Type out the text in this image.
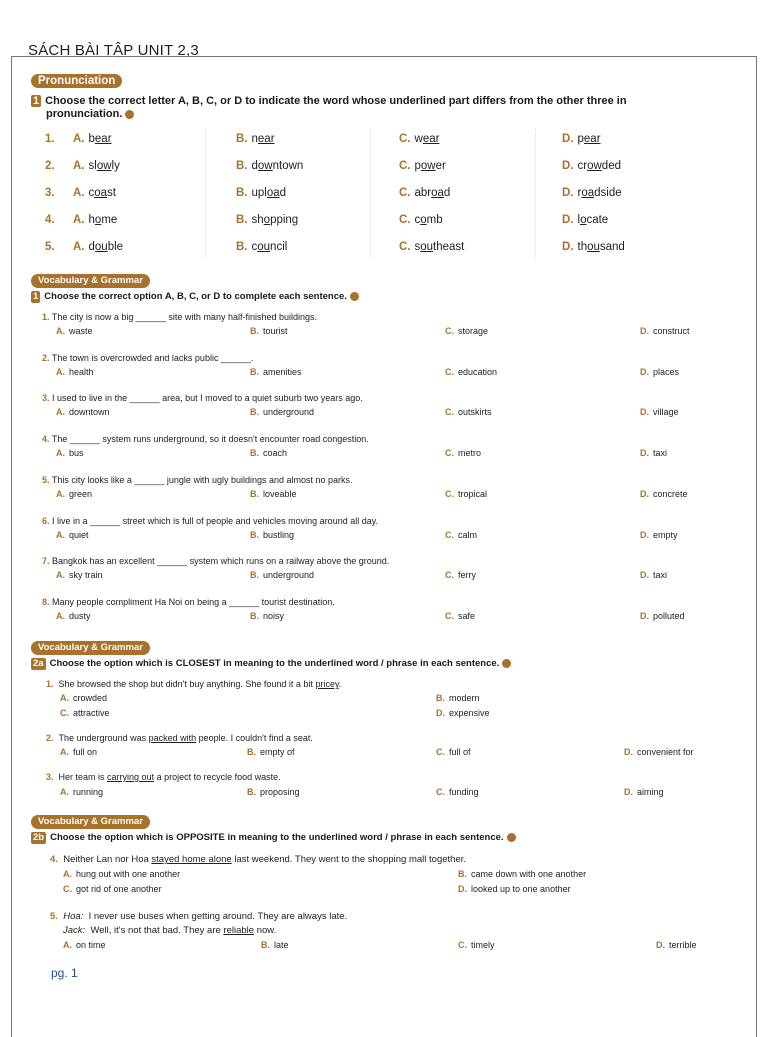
SÁCH BÀI TẬP UNIT 2,3
Pronunciation
1 Choose the correct letter A, B, C, or D to indicate the word whose underlined part differs from the other three in
pronunciation.
1. A. bear	B. near	C. wear	D. pear
2. A. slowly	B. downtown	C. power	D. crowded
3. A. coast	B. upload	C. abroad	D. roadside
4. A. home	B. shopping	C. comb	D. locate
5. A. double	B. council	C. southeast	D. thousand
Vocabulary & Grammar
1 Choose the correct option A, B, C, or D to complete each sentence.
1. The city is now a big ______ site with many half-finished buildings.
A. waste	B. tourist	C. storage	D. construct
2. The town is overcrowded and lacks public ______.
A. health	B. amenities	C. education	D. places
3. I used to live in the ______ area, but I moved to a quiet suburb two years ago.
A. downtown	B. underground	C. outskirts	D. village
4. The ______ system runs underground, so it doesn't encounter road congestion.
A. bus	B. coach	C. metro	D. taxi
5. This city looks like a ______ jungle with ugly buildings and almost no parks.
A. green	B. loveable	C. tropical	D. concrete
6. I live in a ______ street which is full of people and vehicles moving around all day.
A. quiet	B. bustling	C. calm	D. empty
7. Bangkok has an excellent ______ system which runs on a railway above the ground.
A. sky train	B. underground	C. ferry	D. taxi
8. Many people compliment Ha Noi on being a ______ tourist destination.
A. dusty	B. noisy	C. safe	D. polluted
Vocabulary & Grammar
2a Choose the option which is CLOSEST in meaning to the underlined word / phrase in each sentence.
1. She browsed the shop but didn't buy anything. She found it a bit pricey.
A. crowded	B. modern
C. attractive	D. expensive
2. The underground was packed with people. I couldn't find a seat.
A. full on	B. empty of	C. full of	D. convenient for
3. Her team is carrying out a project to recycle food waste.
A. running	B. proposing	C. funding	D. aiming
Vocabulary & Grammar
2b Choose the option which is OPPOSITE in meaning to the underlined word / phrase in each sentence.
4. Neither Lan nor Hoa stayed home alone last weekend. They went to the shopping mall together.
A. hung out with one another	B. came down with one another
C. got rid of one another	D. looked up to one another
5. Hoa: I never use buses when getting around. They are always late.
Jack: Well, it's not that bad. They are reliable now.
A. on time	B. late	C. timely	D. terrible
pg. 1
